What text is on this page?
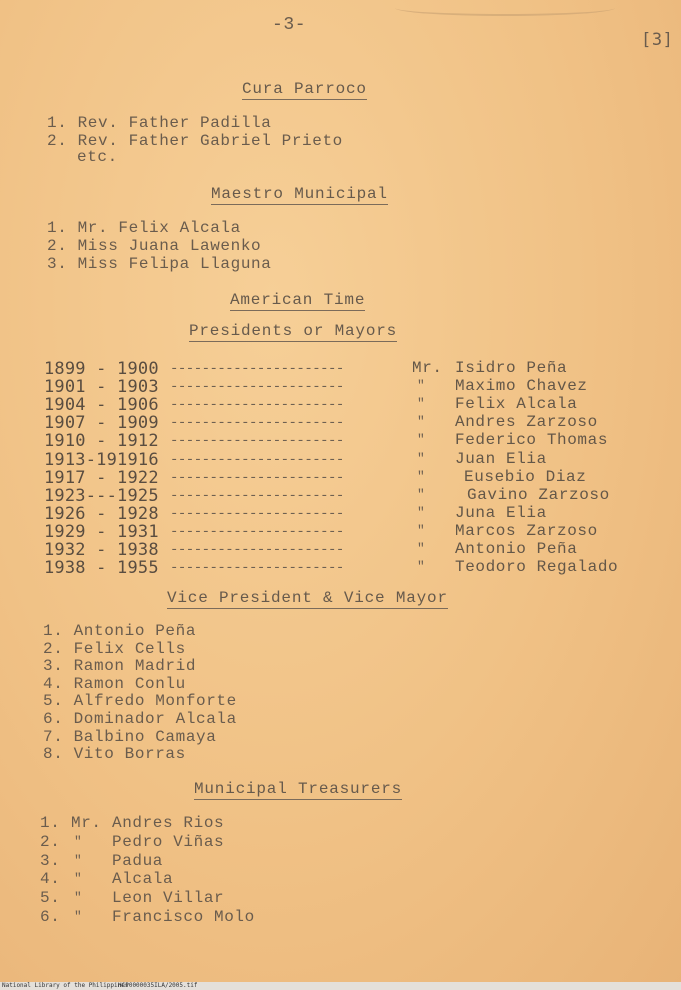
-3-
[3]
Cura Parroco
1. Rev. Father Padilla
2. Rev. Father Gabriel Prieto
etc.
Maestro Municipal
1. Mr. Felix Alcala
2. Miss Juana Lawenko
3. Miss Felipa Llaguna
American Time
Presidents or Mayors
1899 - 1900 ----------------------	Mr. Isidro Peña
1901 - 1903 ----------------------	" Maximo Chavez
1904 - 1906 ----------------------	" Felix Alcala
1907 - 1909 ----------------------	" Andres Zarzoso
1910 - 1912 ----------------------	" Federico Thomas
1913-191916 ----------------------	" Juan Elia
1917 - 1922 ----------------------	" Eusebio Diaz
1923---1925 ----------------------	"	Gavino Zarzoso
1926 - 1928 ----------------------	" Juna Elia
1929 - 1931 ----------------------	" Marcos Zarzoso
1932 - 1938 ----------------------	" Antonio Peña
1938 - 1955 ----------------------	" Teodoro Regalado
Vice President & Vice Mayor
1. Antonio Peña
2. Felix Cells
3. Ramon Madrid
4. Ramon Conlu
5. Alfredo Monforte
6. Dominador Alcala
7. Balbino Camaya
8. Vito Borras
Municipal Treasurers
1. Mr. Andres Rios
2. " Pedro Viñas
3. " Padua
4. " Alcala
5. " Leon Villar
6. " Francisco Molo
National Library of the Philippines
HCP0000035ILA/2005.tif
